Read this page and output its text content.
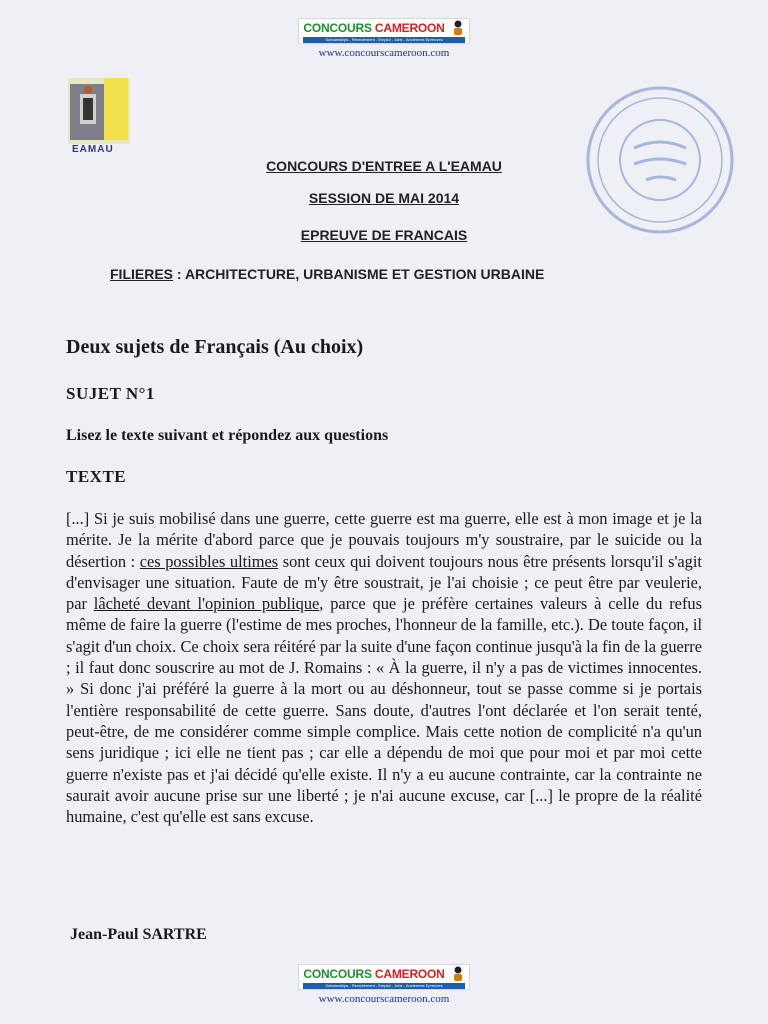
CONCOURS CAMEROON
Scholarships - Recrutement - Emploi - Jobs - Anciennes Epreuves
www.concourscameroon.com
EAMAU

CONCOURS D'ENTREE A L'EAMAU
SESSION DE MAI 2014
EPREUVE DE FRANCAIS
FILIERES : ARCHITECTURE, URBANISME ET GESTION URBAINE
Deux sujets de Français (Au choix)
SUJET N°1
Lisez le texte suivant et répondez aux questions
TEXTE
[...] Si je suis mobilisé dans une guerre, cette guerre est ma guerre, elle est à mon image et je la mérite. Je la mérite d'abord parce que je pouvais toujours m'y soustraire, par le suicide ou la désertion : ces possibles ultimes sont ceux qui doivent toujours nous être présents lorsqu'il s'agit d'envisager une situation. Faute de m'y être soustrait, je l'ai choisie ; ce peut être par veulerie, par lâcheté devant l'opinion publique, parce que je préfère certaines valeurs à celle du refus même de faire la guerre (l'estime de mes proches, l'honneur de la famille, etc.). De toute façon, il s'agit d'un choix. Ce choix sera réitéré par la suite d'une façon continue jusqu'à la fin de la guerre ; il faut donc souscrire au mot de J. Romains : « À la guerre, il n'y a pas de victimes innocentes. » Si donc j'ai préféré la guerre à la mort ou au déshonneur, tout se passe comme si je portais l'entière responsabilité de cette guerre. Sans doute, d'autres l'ont déclarée et l'on serait tenté, peut-être, de me considérer comme simple complice. Mais cette notion de complicité n'a qu'un sens juridique ; ici elle ne tient pas ; car elle a dépendu de moi que pour moi et par moi cette guerre n'existe pas et j'ai décidé qu'elle existe. Il n'y a eu aucune contrainte, car la contrainte ne saurait avoir aucune prise sur une liberté ; je n'ai aucune excuse, car [...] le propre de la réalité humaine, c'est qu'elle est sans excuse.
Jean-Paul SARTRE
CONCOURS CAMEROON
Scholarships - Recrutement - Emploi - Jobs - Anciennes Epreuves
www.concourscameroon.com
